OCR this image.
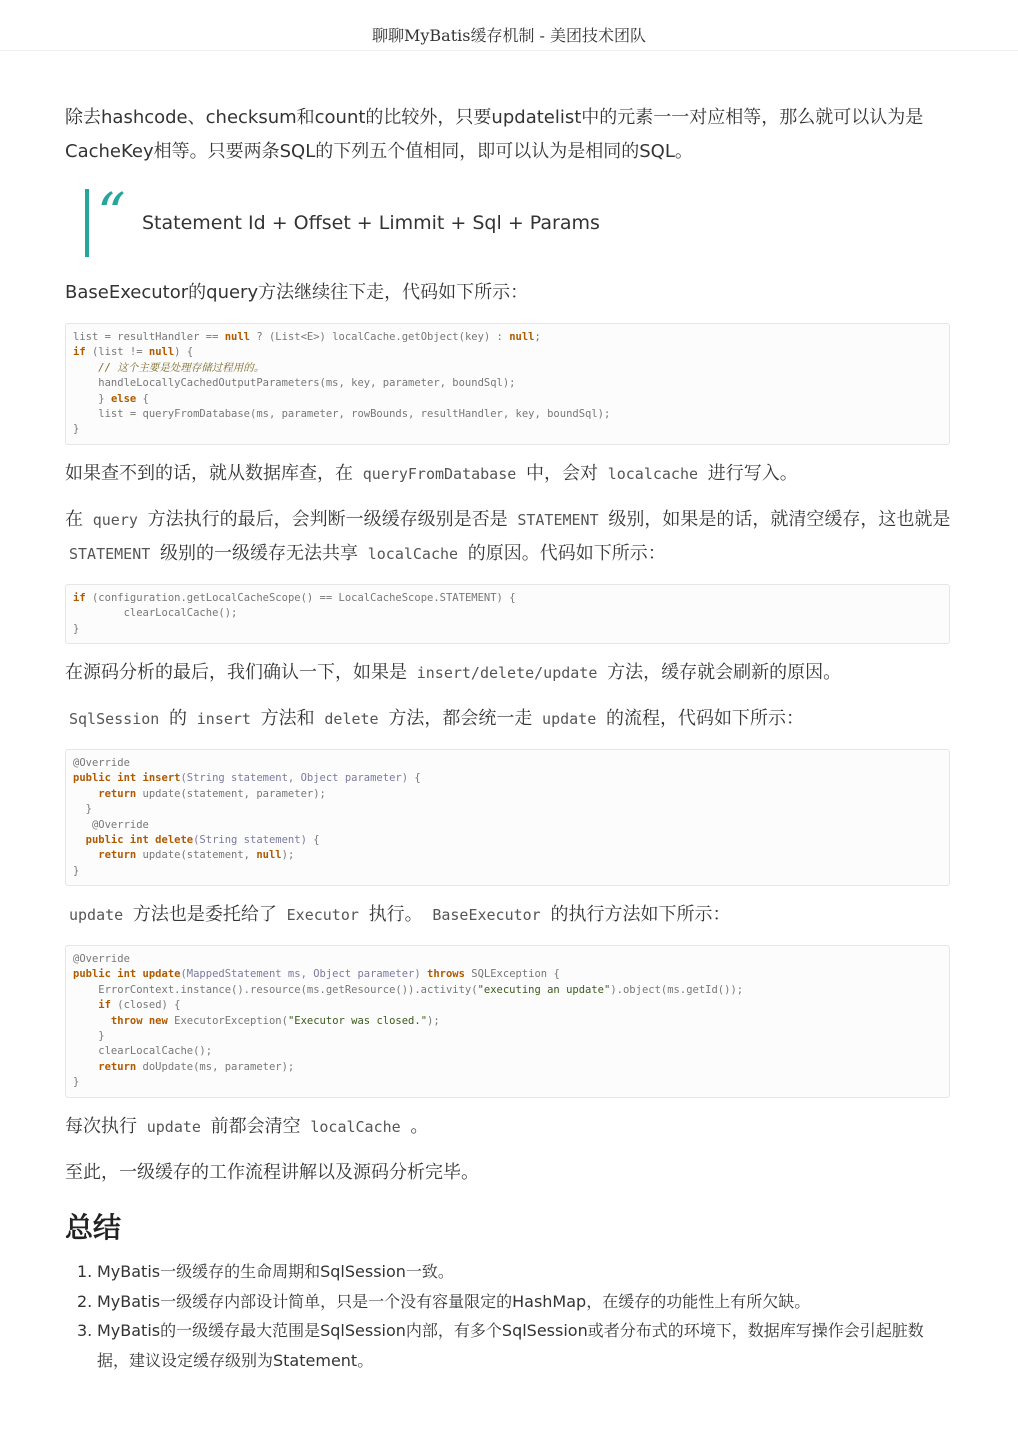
聊聊MyBatis缓存机制 - 美团技术团队

除去hashcode、checksum和count的比较外，只要updatelist中的元素一一对应相等，那么就可以认为是CacheKey相等。只要两条SQL的下列五个值相同，即可以认为是相同的SQL。

“ Statement Id + Offset + Limmit + Sql + Params

BaseExecutor的query方法继续往下走，代码如下所示：

list = resultHandler == null ? (List<E>) localCache.getObject(key) : null;
if (list != null) {
// 这个主要是处理存储过程用的。
handleLocallyCachedOutputParameters(ms, key, parameter, boundSql);
} else {
list = queryFromDatabase(ms, parameter, rowBounds, resultHandler, key, boundSql);
}

如果查不到的话，就从数据库查，在 queryFromDatabase 中，会对 localcache 进行写入。

在 query 方法执行的最后，会判断一级缓存级别是否是 STATEMENT 级别，如果是的话，就清空缓存，这也就是 STATEMENT 级别的一级缓存无法共享 localCache 的原因。代码如下所示：

if (configuration.getLocalCacheScope() == LocalCacheScope.STATEMENT) {
clearLocalCache();
}

在源码分析的最后，我们确认一下，如果是 insert/delete/update 方法，缓存就会刷新的原因。

SqlSession 的 insert 方法和 delete 方法，都会统一走 update 的流程，代码如下所示：

@Override
public int insert(String statement, Object parameter) {
return update(statement, parameter);
}
@Override
public int delete(String statement) {
return update(statement, null);
}

update 方法也是委托给了 Executor 执行。 BaseExecutor 的执行方法如下所示：

@Override
public int update(MappedStatement ms, Object parameter) throws SQLException {
ErrorContext.instance().resource(ms.getResource()).activity("executing an update").object(ms.getId());
if (closed) {
throw new ExecutorException("Executor was closed.");
}
clearLocalCache();
return doUpdate(ms, parameter);
}

每次执行 update 前都会清空 localCache 。

至此，一级缓存的工作流程讲解以及源码分析完毕。

总结
1. MyBatis一级缓存的生命周期和SqlSession一致。
2. MyBatis一级缓存内部设计简单，只是一个没有容量限定的HashMap，在缓存的功能性上有所欠缺。
3. MyBatis的一级缓存最大范围是SqlSession内部，有多个SqlSession或者分布式的环境下，数据库写操作会引起脏数据，建议设定缓存级别为Statement。
